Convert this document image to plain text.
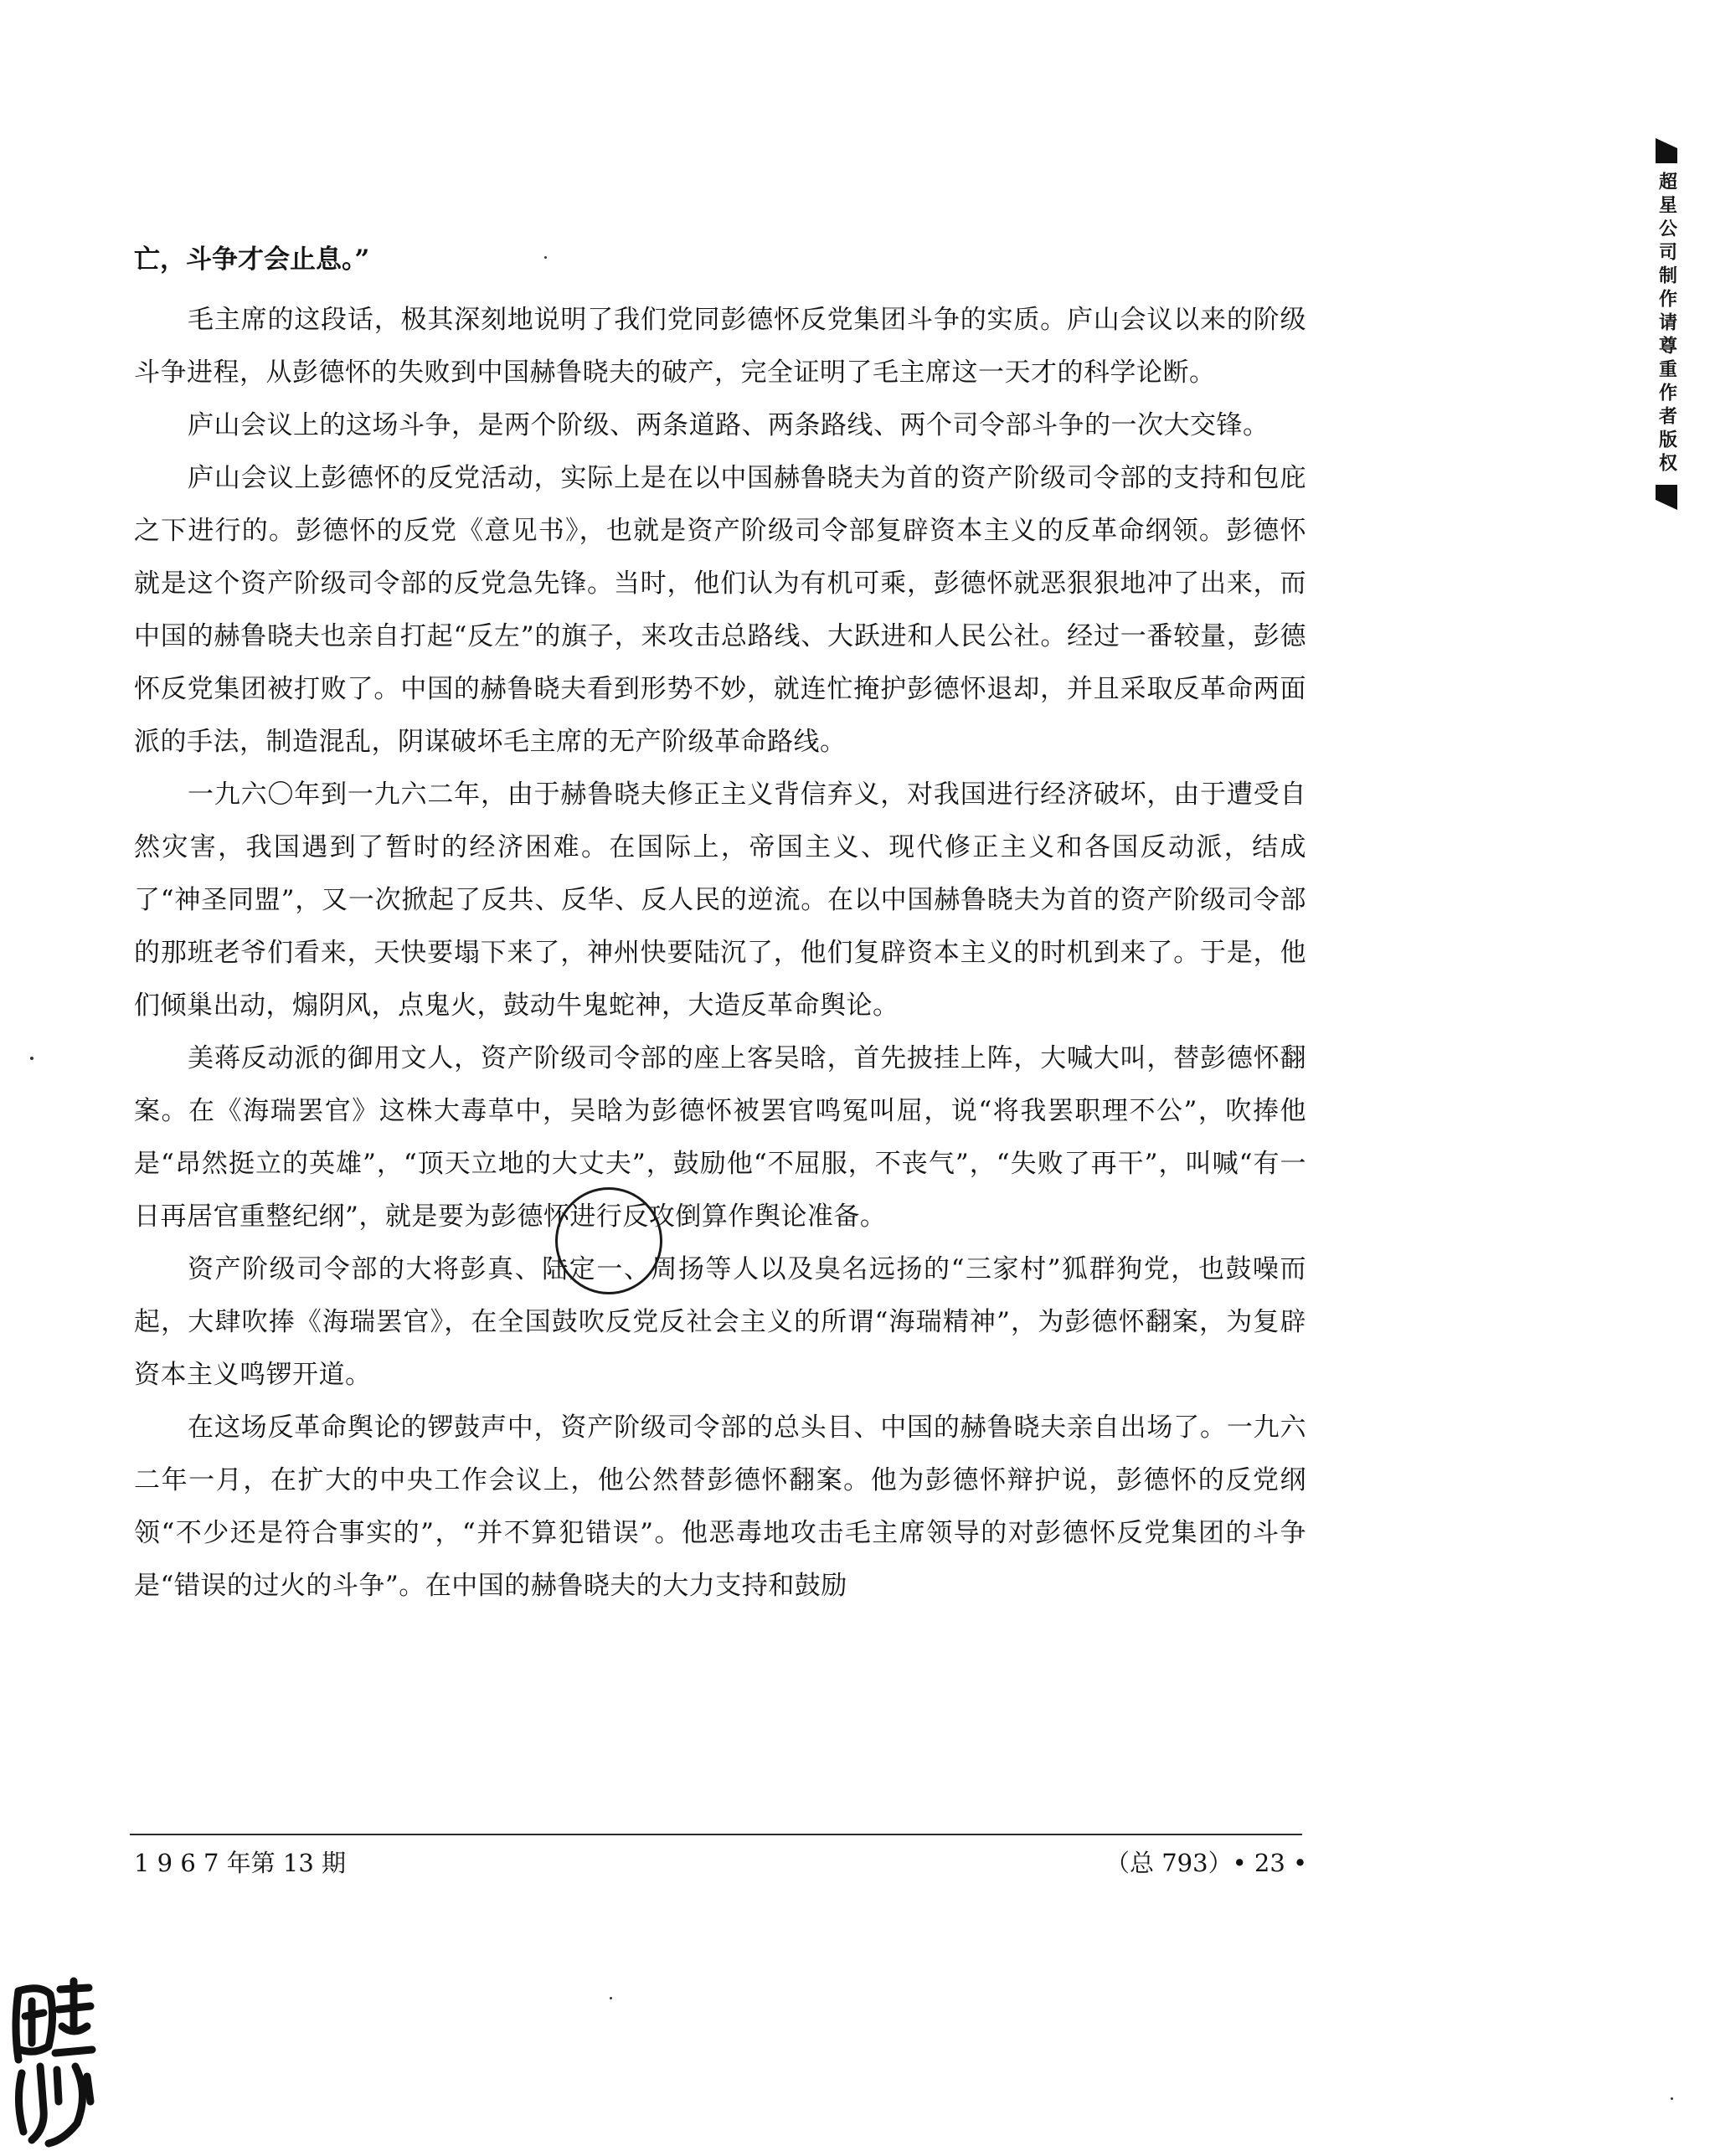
亡，斗争才会止息。”

毛主席的这段话，极其深刻地说明了我们党同彭德怀反党集团斗争的实质。庐山会议以来的阶级斗争进程，从彭德怀的失败到中国赫鲁晓夫的破产，完全证明了毛主席这一天才的科学论断。

庐山会议上的这场斗争，是两个阶级、两条道路、两条路线、两个司令部斗争的一次大交锋。

庐山会议上彭德怀的反党活动，实际上是在以中国赫鲁晓夫为首的资产阶级司令部的支持和包庇之下进行的。彭德怀的反党《意见书》，也就是资产阶级司令部复辟资本主义的反革命纲领。彭德怀就是这个资产阶级司令部的反党急先锋。当时，他们认为有机可乘，彭德怀就恶狠狠地冲了出来，而中国的赫鲁晓夫也亲自打起“反左”的旗子，来攻击总路线、大跃进和人民公社。经过一番较量，彭德怀反党集团被打败了。中国的赫鲁晓夫看到形势不妙，就连忙掩护彭德怀退却，并且采取反革命两面派的手法，制造混乱，阴谋破坏毛主席的无产阶级革命路线。

一九六〇年到一九六二年，由于赫鲁晓夫修正主义背信弃义，对我国进行经济破坏，由于遭受自然灾害，我国遇到了暂时的经济困难。在国际上，帝国主义、现代修正主义和各国反动派，结成了“神圣同盟”，又一次掀起了反共、反华、反人民的逆流。在以中国赫鲁晓夫为首的资产阶级司令部的那班老爷们看来，天快要塌下来了，神州快要陆沉了，他们复辟资本主义的时机到来了。于是，他们倾巢出动，煽阴风，点鬼火，鼓动牛鬼蛇神，大造反革命舆论。

美蒋反动派的御用文人，资产阶级司令部的座上客吴晗，首先披挂上阵，大喊大叫，替彭德怀翻案。在《海瑞罢官》这株大毒草中，吴晗为彭德怀被罢官鸣冤叫屈，说“将我罢职理不公”，吹捧他是“昂然挺立的英雄”，“顶天立地的大丈夫”，鼓励他“不屈服，不丧气”，“失败了再干”，叫喊“有一日再居官重整纪纲”，就是要为彭德怀进行反攻倒算作舆论准备。

资产阶级司令部的大将彭真、陆定一、周扬等人以及臭名远扬的“三家村”狐群狗党，也鼓噪而起，大肆吹捧《海瑞罢官》，在全国鼓吹反党反社会主义的所谓“海瑞精神”，为彭德怀翻案，为复辟资本主义鸣锣开道。

在这场反革命舆论的锣鼓声中，资产阶级司令部的总头目、中国的赫鲁晓夫亲自出场了。一九六二年一月，在扩大的中央工作会议上，他公然替彭德怀翻案。他为彭德怀辩护说，彭德怀的反党纲领“不少还是符合事实的”，“并不算犯错误”。他恶毒地攻击毛主席领导的对彭德怀反党集团的斗争是“错误的过火的斗争”。在中国的赫鲁晓夫的大力支持和鼓励

1 9 6 7 年第 13 期	（总 793）• 23 •
超星公司制作请尊重作者版权
